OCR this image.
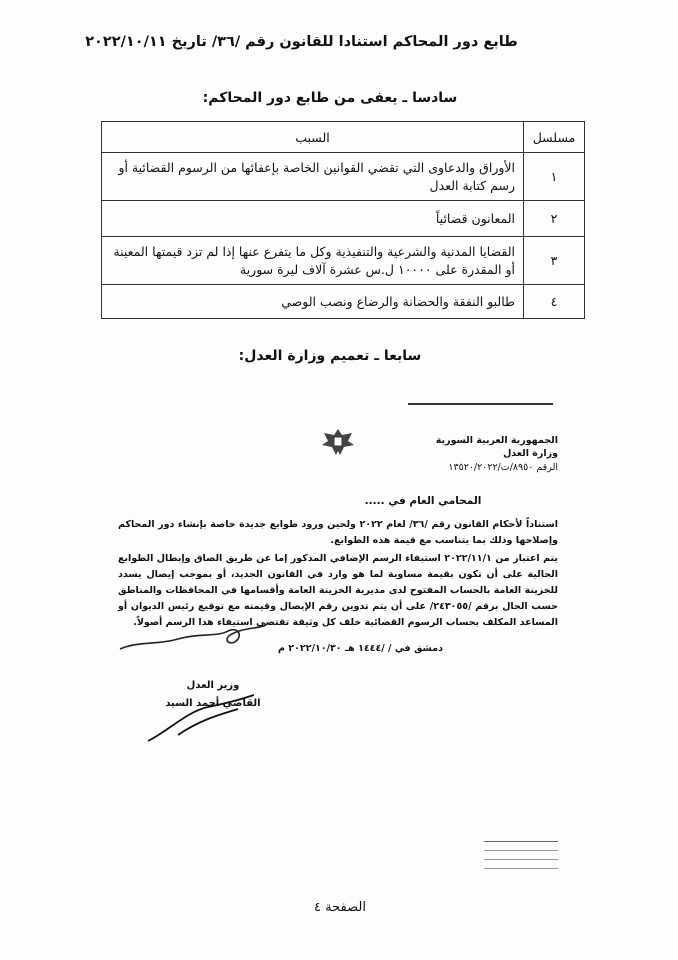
طابع دور المحاكم استنادا للقانون رقم /٣٦/ تاريخ ٢٠٢٢/١٠/١١
سادسا ـ يعفى من طابع دور المحاكم:
مسلسل	السبب
١	الأوراق والدعاوى التي تقضي القوانين الخاصة بإعفائها من الرسوم القضائية أو رسم كتابة العدل
٢	المعانون قضائياً
٣	القضايا المدنية والشرعية والتنفيذية وكل ما يتفرع عنها إذا لم تزد قيمتها المعينة أو المقدرة على ١٠٠٠٠ ل.س عشرة آلاف ليرة سورية
٤	طالبو النفقة والحضانة والرضاع ونصب الوصي
سابعا ـ تعميم وزارة العدل:
الجمهورية العربية السورية
وزارة العدل
الرقم ٨٩٥٠/ت/١٣٥٢٠/٢٠٢٢
المحامي العام في .....
استناداً لأحكام القانون رقم /٣٦/ لعام ٢٠٢٢ ولحين ورود طوابع جديدة خاصة بإنشاء دور المحاكم وإصلاحها وذلك بما يتناسب مع قيمة هذه الطوابع.
يتم اعتبار من ٢٠٢٢/١١/١ استيفاء الرسم الإضافي المذكور إما عن طريق الصاق وإبطال الطوابع الحالية على أن تكون بقيمة مساوية لما هو وارد في القانون الجديد، أو بموجب إيصال يسدد للخزينة العامة بالحساب المفتوح لدى مديرية الخزينة العامة وأقسامها في المحافظات والمناطق حسب الحال برقم /٢٤٣٠٥٥/ على أن يتم تدوين رقم الإيصال وقيمته مع توقيع رئيس الديوان أو المساعد المكلف بحساب الرسوم القضائية خلف كل وثيقة تقتضي استيفاء هذا الرسم أصولاً.
دمشق في / /١٤٤٤ هـ ٢٠٢٢/١٠/٣٠ م
وزير العدل
القاضي أحمد السيد
الصفحة ٤
